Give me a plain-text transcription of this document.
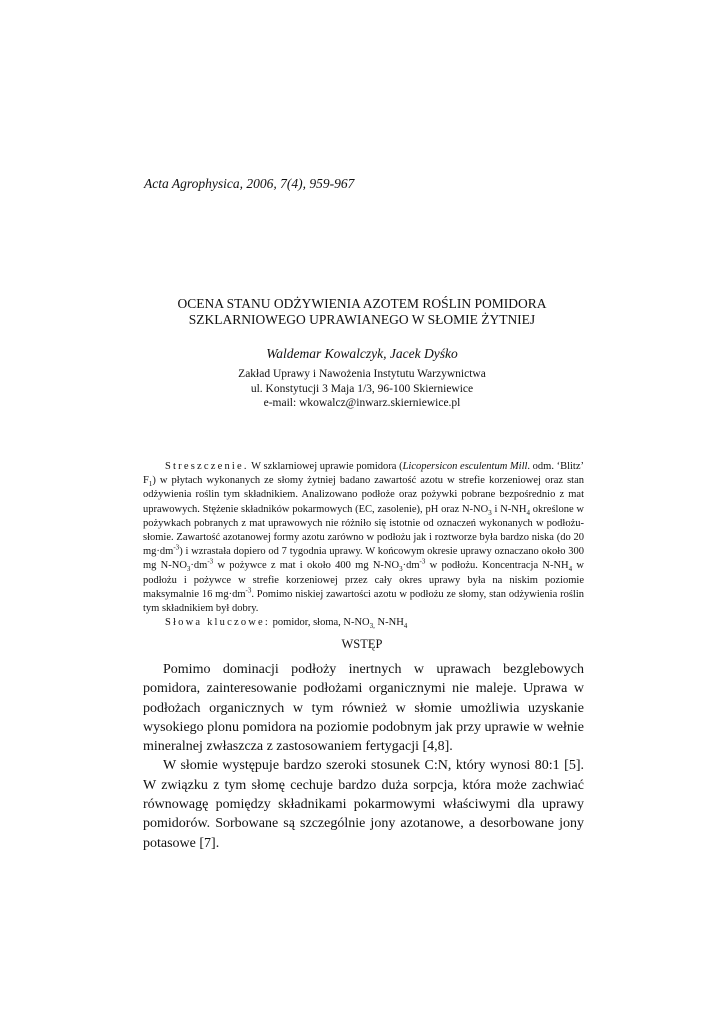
Acta Agrophysica, 2006, 7(4), 959-967
OCENA STANU ODŻYWIENIA AZOTEM ROŚLIN POMIDORA
SZKLARNIOWEGO UPRAWIANEGO W SŁOMIE ŻYTNIEJ
Waldemar Kowalczyk, Jacek Dyśko
Zakład Uprawy i Nawożenia Instytutu Warzywnictwa
ul. Konstytucji 3 Maja 1/3, 96-100 Skierniewice
e-mail: wkowalcz@inwarz.skierniewice.pl

Streszczenie. W szklarniowej uprawie pomidora (Licopersicon esculentum Mill. odm. ‘Blitz’ $F_1$) w płytach wykonanych ze słomy żytniej badano zawartość azotu w strefie korzeniowej oraz stan odżywienia roślin tym składnikiem. Analizowano podłoże oraz pożywki pobrane bezpośrednio z mat uprawowych. Stężenie składników pokarmowych (EC, zasolenie), pH oraz $N-NO_3$ i $N-NH_4$ określone w pożywkach pobranych z mat uprawowych nie różniło się istotnie od oznaczeń wykonanych w podłożu-słomie. Zawartość azotanowej formy azotu zarówno w podłożu jak i roztworze była bardzo niska (do 20 $mg\cdot dm^{-3}$) i wzrastała dopiero od 7 tygodnia uprawy. W końcowym okresie uprawy oznaczano około 300 mg $N-NO_3\cdot dm^{-3}$ w pożywce z mat i około 400 mg $N-NO_3\cdot dm^{-3}$ w podłożu. Koncentracja $N-NH_4$ w podłożu i pożywce w strefie korzeniowej przez cały okres uprawy była na niskim poziomie maksymalnie 16 $mg\cdot dm^{-3}$. Pomimo niskiej zawartości azotu w podłożu ze słomy, stan odżywienia roślin tym składnikiem był dobry.

Słowa kluczowe: pomidor, słoma, $N-NO_{3,}$ $N-NH_4$

WSTĘP

Pomimo dominacji podłoży inertnych w uprawach bezglebowych pomidora, zainteresowanie podłożami organicznymi nie maleje. Uprawa w podłożach organicznych w tym również w słomie umożliwia uzyskanie wysokiego plonu pomidora na poziomie podobnym jak przy uprawie w wełnie mineralnej zwłaszcza z zastosowaniem fertygacji [4,8].

W słomie występuje bardzo szeroki stosunek C:N, który wynosi 80:1 [5]. W związku z tym słomę cechuje bardzo duża sorpcja, która może zachwiać równowagę pomiędzy składnikami pokarmowymi właściwymi dla uprawy pomidorów. Sorbowane są szczególnie jony azotanowe, a desorbowane jony potasowe [7].
